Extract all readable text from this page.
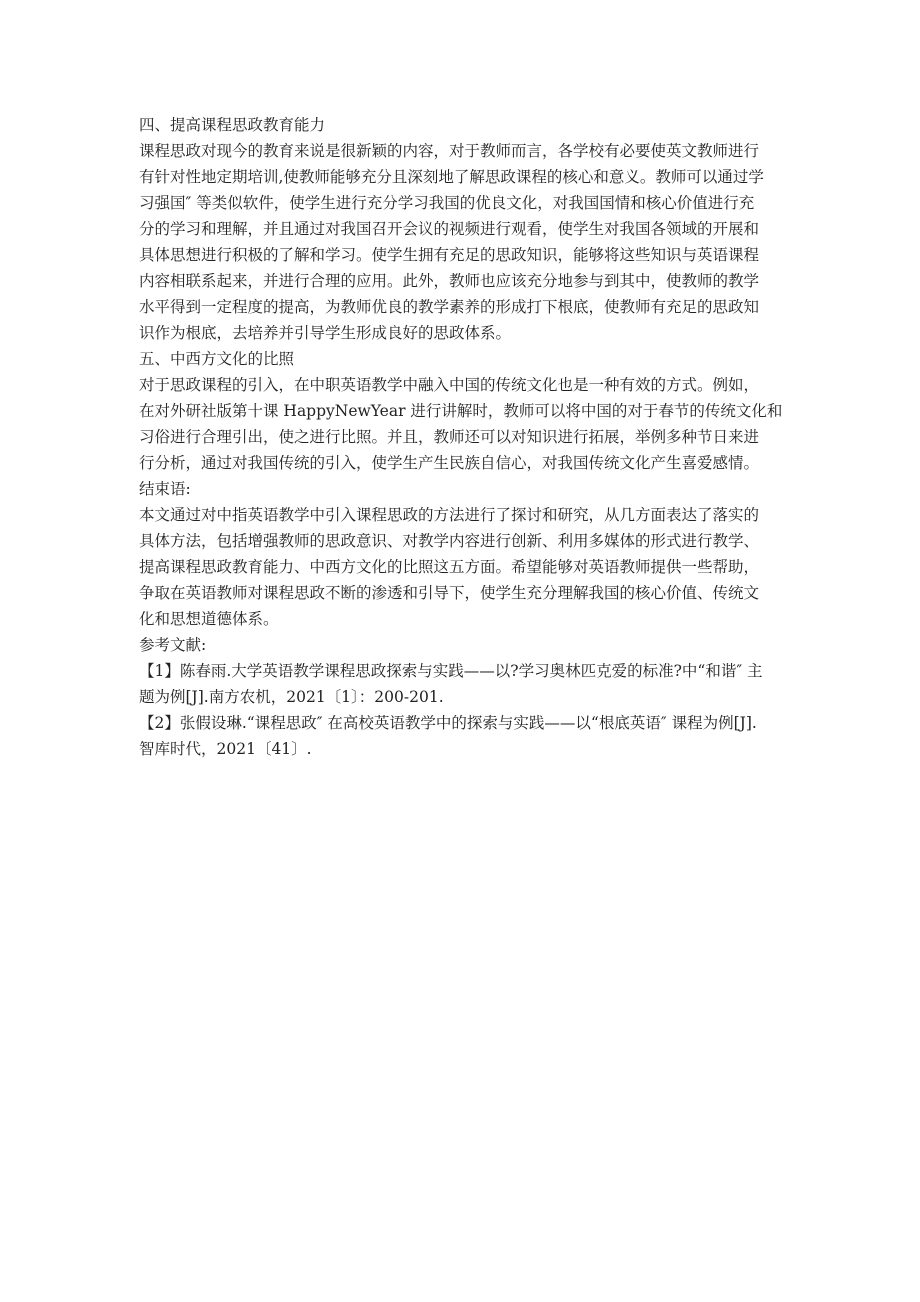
四、提高课程思政教育能力
课程思政对现今的教育来说是很新颖的内容，对于教师而言，各学校有必要使英文教师进行
有针对性地定期培训,使教师能够充分且深刻地了解思政课程的核心和意义。教师可以通过学
习强国″ 等类似软件，使学生进行充分学习我国的优良文化，对我国国情和核心价值进行充
分的学习和理解，并且通过对我国召开会议的视频进行观看，使学生对我国各领域的开展和
具体思想进行积极的了解和学习。使学生拥有充足的思政知识，能够将这些知识与英语课程
内容相联系起来，并进行合理的应用。此外，教师也应该充分地参与到其中，使教师的教学
水平得到一定程度的提高，为教师优良的教学素养的形成打下根底，使教师有充足的思政知
识作为根底，去培养并引导学生形成良好的思政体系。
五、中西方文化的比照
对于思政课程的引入，在中职英语教学中融入中国的传统文化也是一种有效的方式。例如，
在对外研社版第十课 HappyNewYear 进行讲解时，教师可以将中国的对于春节的传统文化和
习俗进行合理引出，使之进行比照。并且，教师还可以对知识进行拓展，举例多种节日来进
行分析，通过对我国传统的引入，使学生产生民族自信心，对我国传统文化产生喜爱感情。
结束语:
本文通过对中指英语教学中引入课程思政的方法进行了探讨和研究，从几方面表达了落实的
具体方法，包括增强教师的思政意识、对教学内容进行创新、利用多媒体的形式进行教学、
提高课程思政教育能力、中西方文化的比照这五方面。希望能够对英语教师提供一些帮助，
争取在英语教师对课程思政不断的渗透和引导下，使学生充分理解我国的核心价值、传统文
化和思想道德体系。
参考文献:
【1】陈春雨.大学英语教学课程思政探索与实践——以?学习奥林匹克爱的标准?中“和谐″ 主
题为例[J].南方农机，2021〔1〕：200-201.
【2】张假设琳.“课程思政″ 在高校英语教学中的探索与实践——以“根底英语″ 课程为例[J].
智库时代，2021〔41〕.
